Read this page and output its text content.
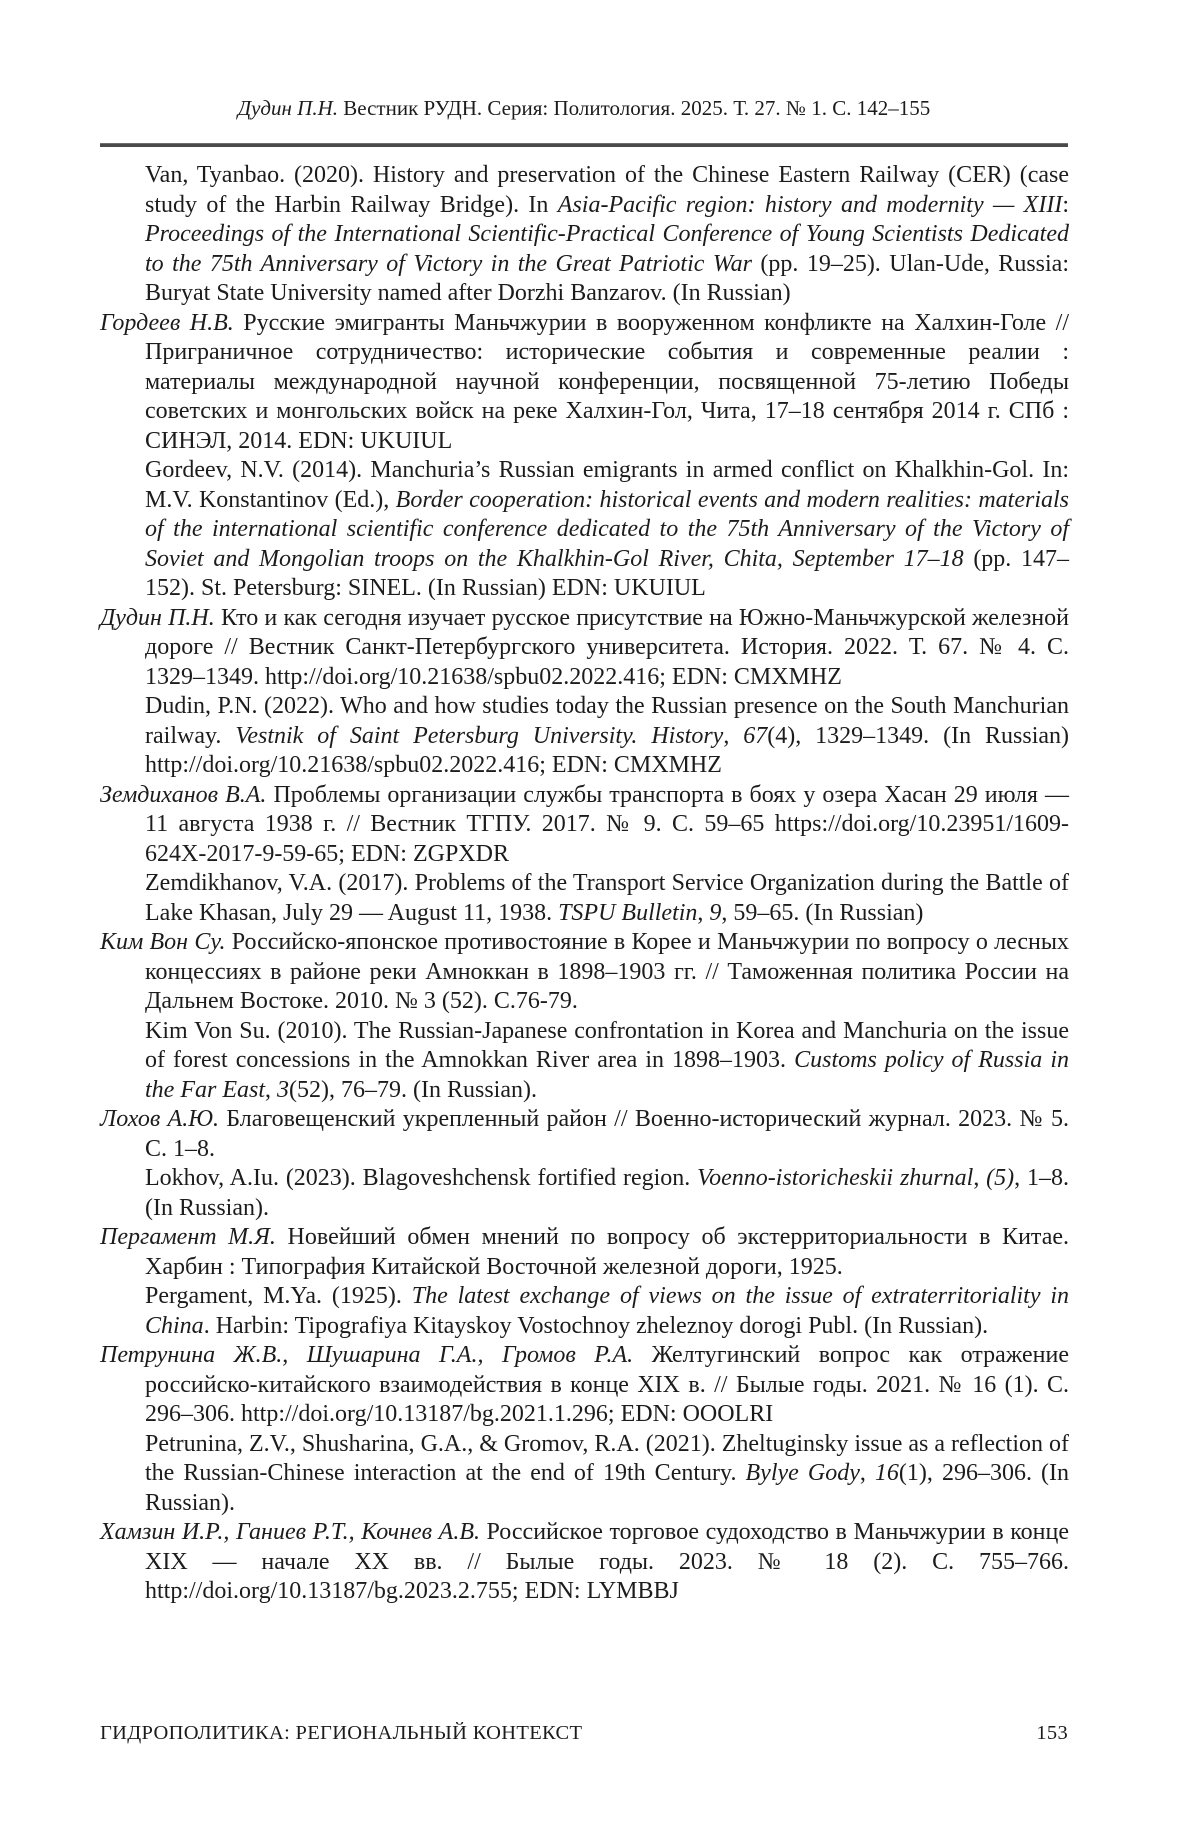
Дудин П.Н. Вестник РУДН. Серия: Политология. 2025. Т. 27. № 1. С. 142–155

Van, Tyanbao. (2020). History and preservation of the Chinese Eastern Railway (CER) (case study of the Harbin Railway Bridge). In Asia-Pacific region: history and modernity — XIII: Proceedings of the International Scientific-Practical Conference of Young Scientists Dedicated to the 75th Anniversary of Victory in the Great Patriotic War (pp. 19–25). Ulan-Ude, Russia: Buryat State University named after Dorzhi Banzarov. (In Russian)

Гордеев Н.В. Русские эмигранты Маньчжурии в вооруженном конфликте на Халхин-Голе // Приграничное сотрудничество: исторические события и современные реалии : материалы международной научной конференции, посвященной 75-летию Победы советских и монгольских войск на реке Халхин-Гол, Чита, 17–18 сентября 2014 г. СПб : СИНЭЛ, 2014. EDN: UKUIUL

Gordeev, N.V. (2014). Manchuria’s Russian emigrants in armed conflict on Khalkhin-Gol. In: M.V. Konstantinov (Ed.), Border cooperation: historical events and modern realities: materials of the international scientific conference dedicated to the 75th Anniversary of the Victory of Soviet and Mongolian troops on the Khalkhin-Gol River, Chita, September 17–18 (pp. 147–152). St. Petersburg: SINEL. (In Russian) EDN: UKUIUL

Дудин П.Н. Кто и как сегодня изучает русское присутствие на Южно-Маньчжурской железной дороге // Вестник Санкт-Петербургского университета. История. 2022. Т. 67. № 4. С. 1329–1349. http://doi.org/10.21638/spbu02.2022.416; EDN: CMXMHZ

Dudin, P.N. (2022). Who and how studies today the Russian presence on the South Manchurian railway. Vestnik of Saint Petersburg University. History, 67(4), 1329–1349. (In Russian) http://doi.org/10.21638/spbu02.2022.416; EDN: CMXMHZ

Земдиханов В.А. Проблемы организации службы транспорта в боях у озера Хасан 29 июля — 11 августа 1938 г. // Вестник ТГПУ. 2017. № 9. С. 59–65 https://doi.org/10.23951/1609-624X-2017-9-59-65; EDN: ZGPXDR

Zemdikhanov, V.A. (2017). Problems of the Transport Service Organization during the Battle of Lake Khasan, July 29 — August 11, 1938. TSPU Bulletin, 9, 59–65. (In Russian)

Ким Вон Су. Российско-японское противостояние в Корее и Маньчжурии по вопросу о лесных концессиях в районе реки Амноккан в 1898–1903 гг. // Таможенная политика России на Дальнем Востоке. 2010. № 3 (52). С.76-79.

Kim Von Su. (2010). The Russian-Japanese confrontation in Korea and Manchuria on the issue of forest concessions in the Amnokkan River area in 1898–1903. Customs policy of Russia in the Far East, 3(52), 76–79. (In Russian).

Лохов А.Ю. Благовещенский укрепленный район // Военно-исторический журнал. 2023. № 5. С. 1–8.

Lokhov, A.Iu. (2023). Blagoveshchensk fortified region. Voenno-istoricheskii zhurnal, (5), 1–8. (In Russian).

Пергамент М.Я. Новейший обмен мнений по вопросу об экстерриториальности в Китае. Харбин : Типография Китайской Восточной железной дороги, 1925.

Pergament, M.Ya. (1925). The latest exchange of views on the issue of extraterritoriality in China. Harbin: Tipografiya Kitayskoy Vostochnoy zheleznoy dorogi Publ. (In Russian).

Петрунина Ж.В., Шушарина Г.А., Громов Р.А. Желтугинский вопрос как отражение российско-китайского взаимодействия в конце XIX в. // Былые годы. 2021. № 16 (1). С. 296–306. http://doi.org/10.13187/bg.2021.1.296; EDN: OOOLRI

Petrunina, Z.V., Shusharina, G.A., & Gromov, R.A. (2021). Zheltuginsky issue as a reflection of the Russian-Chinese interaction at the end of 19th Century. Bylye Gody, 16(1), 296–306. (In Russian).

Хамзин И.Р., Ганиев Р.Т., Кочнев А.В. Российское торговое судоходство в Маньчжурии в конце XIX — начале XX вв. // Былые годы. 2023. № 18 (2). С. 755–766. http://doi.org/10.13187/bg.2023.2.755; EDN: LYMBBJ

ГИДРОПОЛИТИКА: РЕГИОНАЛЬНЫЙ КОНТЕКСТ	153
